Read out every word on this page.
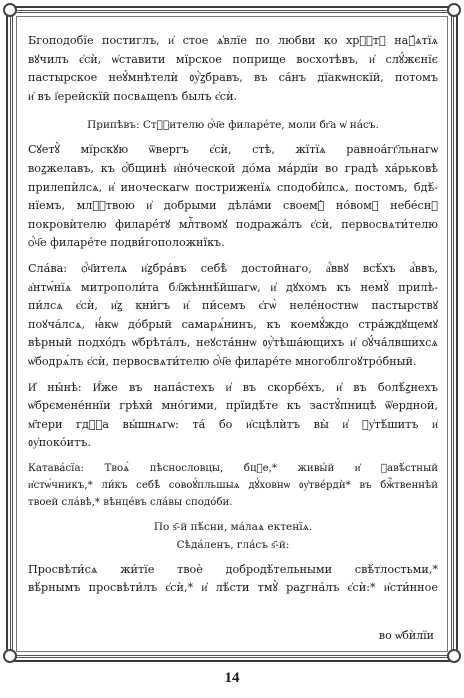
Бгоподобїе постиглъ, и҆ стое ѧ҆влїе по любви ко хрⷭ҇тꙋ наꙁ́ѧтїѧ
вꙋчилъ є҆сѝ, ѡ҆ставити мїрское поприще восхотѣвъ, и҆ слꙋ́жєнїє
пастырское неꙋ́мнѣтелѝ ᲂу҆̀ꙁбравъ, въ са́нъ дїакѡнскїй, потомъ
и҆ въ і҆ерейскїй посвѧщеnъ былъ є҆сѝ.
Припѣвъ: Стⷭ҇ителю ѻ҆́ч҃е филаре́те, моли бг҃а ѡ҆ на́съ.
Сꙋетꙋ̀ мїрскꙋю ѿвергъ є҆сѝ, стѣ, жїтїѧ равноа́гг҃льнагѡ
воꙁжелавъ, къ ѻ҆́бщинѣ и҆но́ческой до́ма ма́рдїи во градѣ ха́рьковѣ
прилепѝлсѧ, и҆ иноческагѡ постриженїѧ сподобѝлсѧ, постомъ, бдѣ́-
нїемъ, млⷭ҇твою и҆ добрыми дѣла́ми своемꙋ̀ но́вомꙋ небе́снꙋ
покровѝтелю филаре́тꙋ млⷭ҇твомꙋ подража́лъ є҆сѝ, первосвѧти́телю
ѻ҆́ч҃е филаре́те подви́гоположнїкъ.
Сла́ва: ѻ҆́ч҃ителѧ и҆ꙁбра́въ себѣ̀ достойнаго, а҆́ввꙋ всѣ́хъ а҆́ввъ,
а҆нтѡ́нїѧ митрополи́та бл҃жѣннѣ́йшагѡ, и҆ дꙋхомъ къ немꙋ̀ прилѣ-
пи́лсѧ є҆сѝ, и҆ꙁ кни́гъ и҆ пи́семъ є҆гѡ̀ неле́ностнѡ пастырствꙋ
поꙋча́лсѧ, ꙗ҆́кѡ до́брый самарѧ́нинъ, къ коемꙋ́ждо стра́ждꙋщемꙋ
вѣрный подхо́дъ ѡ҆брѣта́лъ, неꙋста́ннѡ ᲂу҆̀тѣша́ющихъ и҆ ѻ҆ꙋ́ча́лвшихсѧ
ѡ҆бодрѧ́лъ є҆сѝ, первосвѧти́телю ѻ҆́ч҃е филаре́те многоблгоꙋтро́бный.
И҆ ны́нѣ: И҆́же въ напа́стехъ и҆ въ скорбе́хъ, и҆ въ болѣ́ꙁнехъ
ѡ҆брємене́ннїи грѣхи̑ мно́гими, прїидѣ́те къ застꙋ́пницѣ ѿ҆ердной,
м҃тери гдⷭ҇а вы́шнѧгѡ: та́ бо и҆сцѣлѝтъ вы̀ и҆ ᲂу҆тѣ́шитъ и҆
ᲂу҆поко́итъ.
Катава́сїа: Твоѧ̀ пѣснословцы, бцⷣе,* живы́й и҆ ꙁавѣ́стный
и҆стѡ́чникъ,* ли́къ себѣ̀ совоꙋ́пльшыѧ дꙋ́ховнѡ ᲂу҆тве́рдѝ* въ бжⷭ҇твеннѣй
твоей сла́вѣ,* вѣнце́въ сла́вы сподо́би.
По ѕ҃-й пѣ́сни, ма́лаѧ ектенїѧ.
Сѣда́ленъ, гла́съ ѕ҃-й:
Просвѣти́сѧ жи́тїе твоѐ добродѣ́тельными свѣ́тлостьми,*
вѣ́рнымъ просвѣти́лъ є҆сѝ,* и҆ лѣ́сти тмꙋ̀ раꙁгна́лъ є҆сѝ:* и҆сти́нное
во ѡ҆бѝлїи
14
